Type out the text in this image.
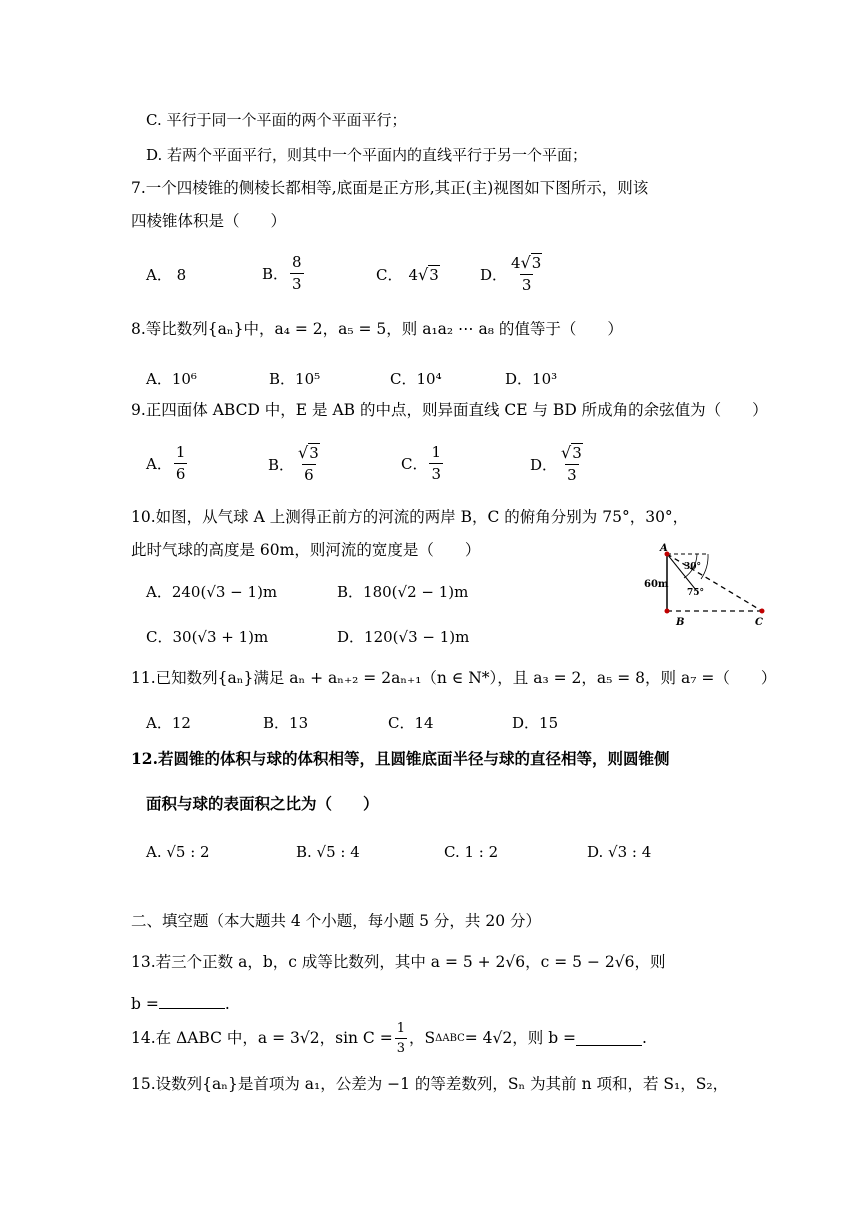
C. 平行于同一个平面的两个平面平行；
D. 若两个平面平行，则其中一个平面内的直线平行于另一个平面；
7.一个四棱锥的侧棱长都相等,底面是正方形,其正(主)视图如下图所示，则该
四棱锥体积是（　　）
A． 8	B． $\frac{8}{3}$	C． 4 √ 3	D． $\frac{4√3}{3}$
8.等比数列{aₙ}中，a₄ = 2，a₅ = 5，则 a₁a₂ ⋯ a₈ 的值等于（　　）
A．10⁶	B．10⁵	C．10⁴	D．10³
9.正四面体 ABCD 中，E 是 AB 的中点，则异面直线 CE 与 BD 所成角的余弦值为（　　）
A． $\frac{1}{6}$	B． $\frac{√3}{6}$	C． $\frac{1}{3}$	D． $\frac{√3}{3}$
10.如图，从气球 A 上测得正前方的河流的两岸 B，C 的俯角分别为 75°，30°，
此时气球的高度是 60m，则河流的宽度是（　　）
A．240(√3 − 1)m	B．180(√2 − 1)m
C．30(√3 + 1)m	D．120(√3 − 1)m
A
30°
75°
60m
B	C
11.已知数列{aₙ}满足 aₙ + aₙ₊₂ = 2aₙ₊₁（n ∈ N*），且 a₃ = 2，a₅ = 8，则 a₇ =（　　）
A．12	B．13	C．14	D．15
12.若圆锥的体积与球的体积相等，且圆锥底面半径与球的直径相等，则圆锥侧
面积与球的表面积之比为（　　）
A. √5 : 2	B. √5 : 4	C. 1 : 2	D. √3 : 4
二、填空题（本大题共 4 个小题，每小题 5 分，共 20 分）
13.若三个正数 a，b，c 成等比数列，其中 a = 5 + 2√6，c = 5 − 2√6，则
b =	.
14.在 ΔABC 中，a = 3√2，$\sin C = \frac{1}{3}$ ，S ΔABC = 4√2，则 b =	.
15.设数列{aₙ}是首项为 a₁，公差为 −1 的等差数列，Sₙ 为其前 n 项和，若 S₁，S₂，
